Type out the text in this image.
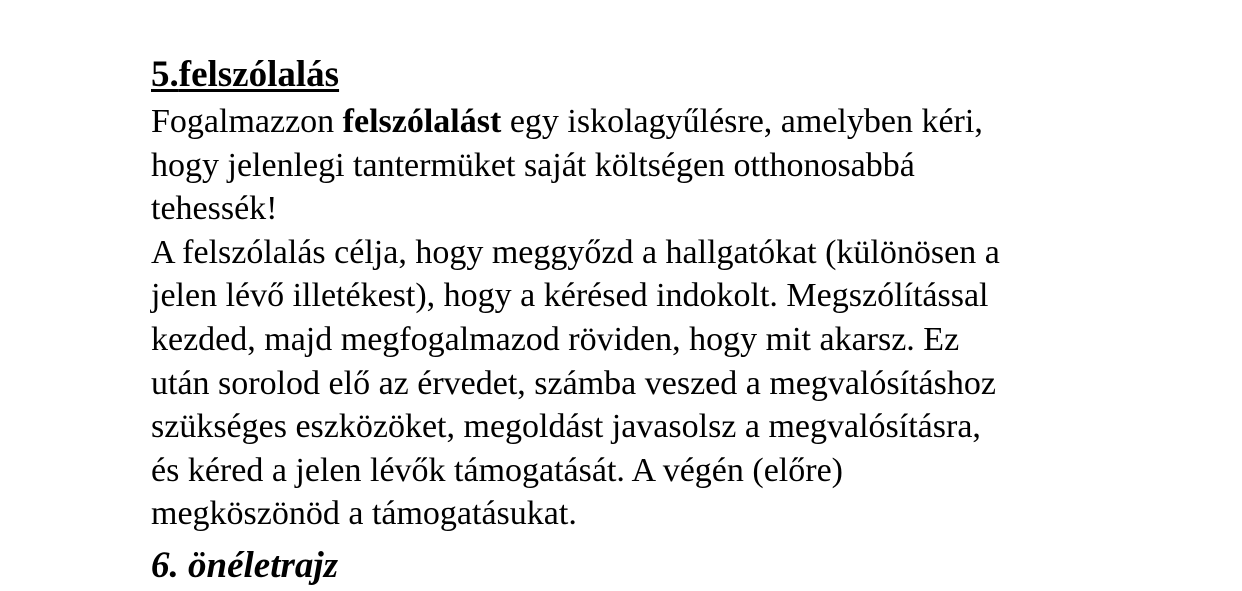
5.felszólalás

Fogalmazzon felszólalást egy iskolagyűlésre, amelyben kéri,
hogy jelenlegi tantermüket saját költségen otthonosabbá
tehessék!

A felszólalás célja, hogy meggyőzd a hallgatókat (különösen a
jelen lévő illetékest), hogy a kérésed indokolt. Megszólítással
kezded, majd megfogalmazod röviden, hogy mit akarsz. Ez
után sorolod elő az érvedet, számba veszed a megvalósításhoz
szükséges eszközöket, megoldást javasolsz a megvalósításra,
és kéred a jelen lévők támogatását. A végén (előre)
megköszönöd a támogatásukat.

6. önéletrajz
